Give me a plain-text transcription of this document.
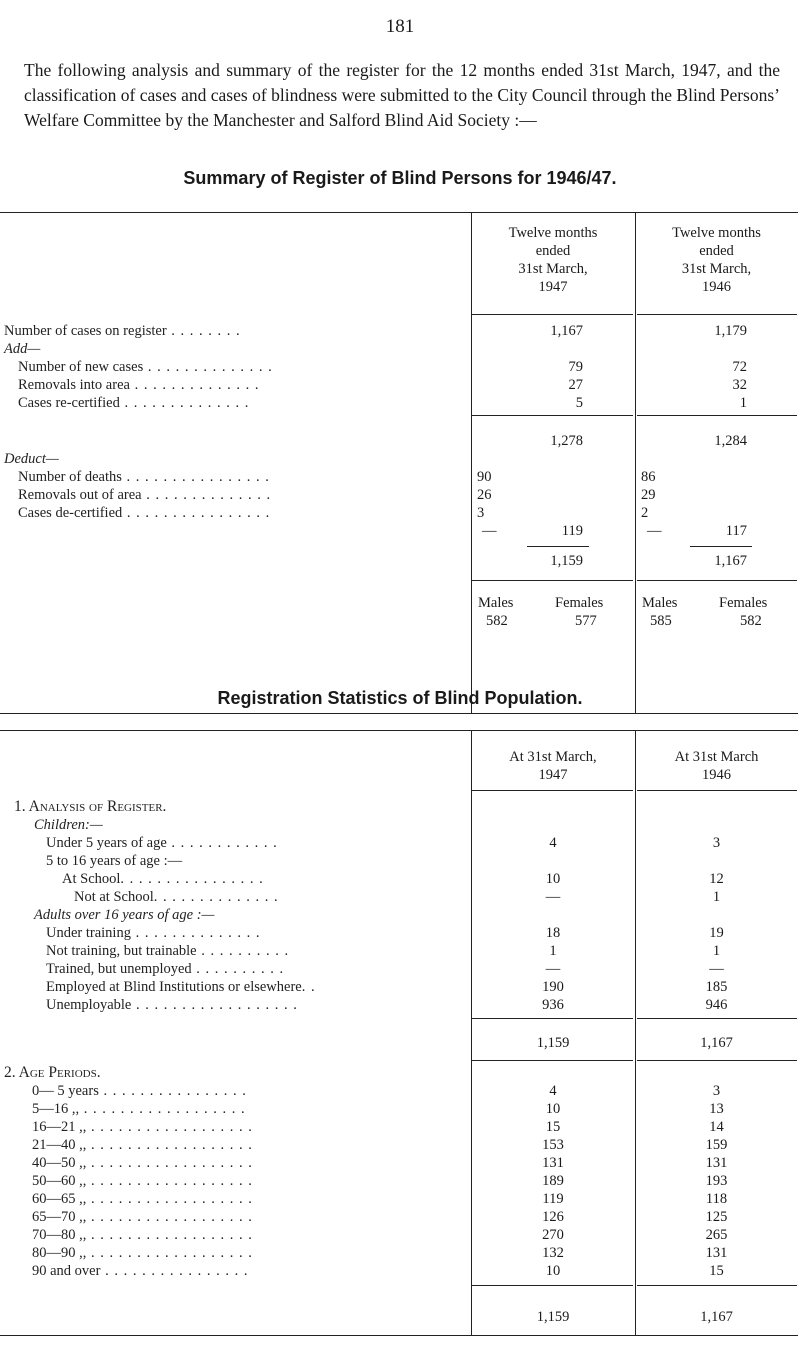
181
The following analysis and summary of the register for the 12 months ended 31st March, 1947, and the classification of cases and cases of blindness were submitted to the City Council through the Blind Persons’ Welfare Committee by the Manchester and Salford Blind Aid Society :—
Summary of Register of Blind Persons for 1946/47.
Twelve months
ended
31st March,
1947
Twelve months
ended
31st March,
1946
Number of cases on register . . . . . . . .	1,167	1,179
Add—
Number of new cases . . . . . . . . . . . . . .	79	72
Removals into area . . . . . . . . . . . . . .	27	32
Cases re-certified . . . . . . . . . . . . . .	5	1
1,278	1,284
Deduct—
Number of deaths . . . . . . . . . . . . . . . .	90	86
Removals out of area . . . . . . . . . . . . . .	26	29
Cases de-certified . . . . . . . . . . . . . . . .	3	2
—	119	—	117
1,159	1,167
Males	Females	Males	Females
582	577	585	582
Registration Statistics of Blind Population.
At 31st March,
1947
At 31st March
1946
1. Analysis of Register.
Children:—
Under 5 years of age . . . . . . . . . . . .	4	3
5 to 16 years of age :—
At School. . . . . . . . . . . . . . . .	10	12
Not at School. . . . . . . . . . . . . .	—	1
Adults over 16 years of age :—
Under training . . . . . . . . . . . . . .	18	19
Not training, but trainable . . . . . . . . . .	1	1
Trained, but unemployed . . . . . . . . . .	—	—
Employed at Blind Institutions or elsewhere. .	190	185
Unemployable . . . . . . . . . . . . . . . . . .	936	946
1,159	1,167
2. Age Periods.
0— 5 years . . . . . . . . . . . . . . . .	4	3
5—16 ,, . . . . . . . . . . . . . . . . . .	10	13
16—21 ,, . . . . . . . . . . . . . . . . . .	15	14
21—40 ,, . . . . . . . . . . . . . . . . . .	153	159
40—50 ,, . . . . . . . . . . . . . . . . . .	131	131
50—60 ,, . . . . . . . . . . . . . . . . . .	189	193
60—65 ,, . . . . . . . . . . . . . . . . . .	119	118
65—70 ,, . . . . . . . . . . . . . . . . . .	126	125
70—80 ,, . . . . . . . . . . . . . . . . . .	270	265
80—90 ,, . . . . . . . . . . . . . . . . . .	132	131
90 and over . . . . . . . . . . . . . . . .	10	15
1,159	1,167
